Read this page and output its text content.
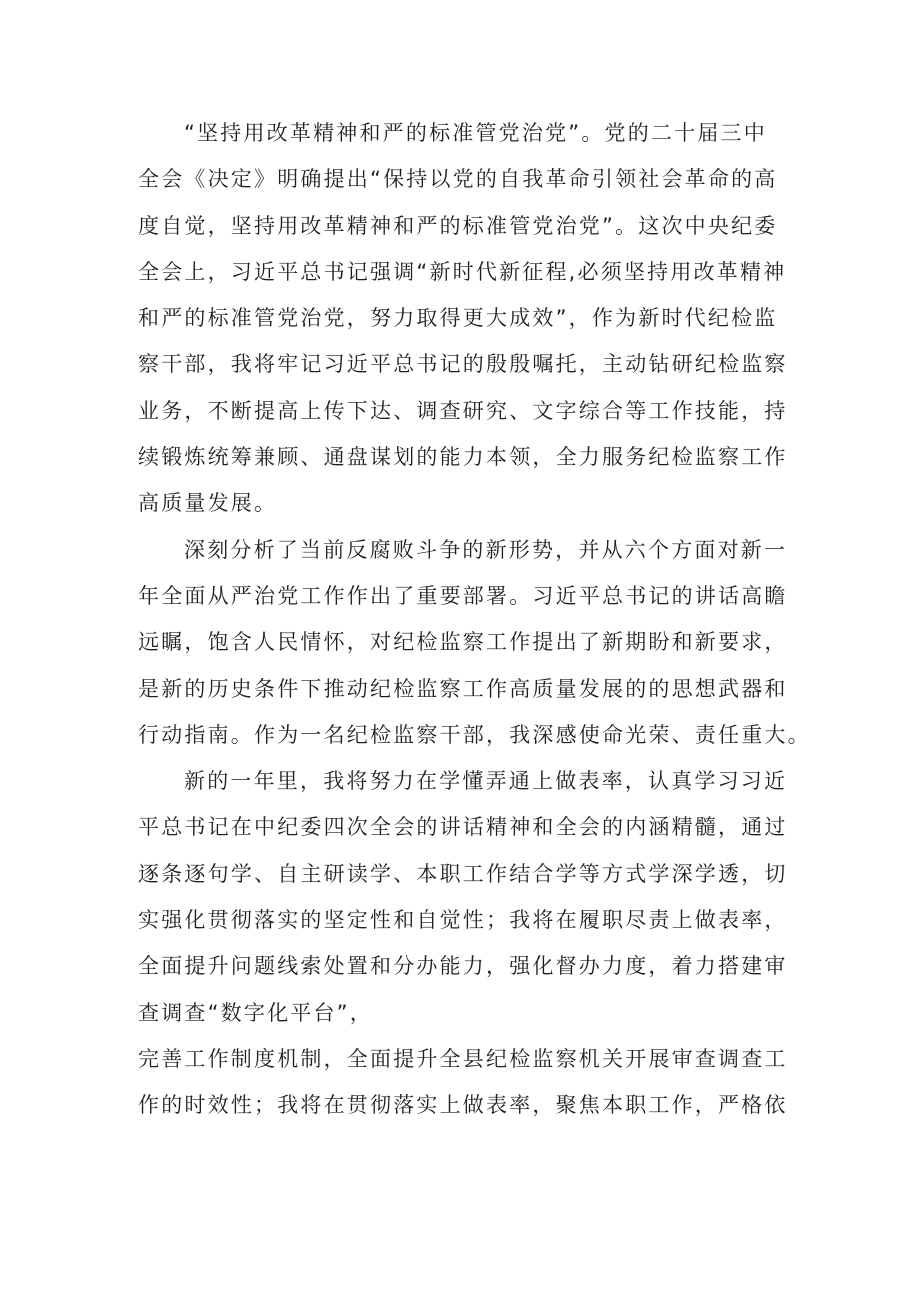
“坚持用改革精神和严的标准管党治党”。党的二十届三中
全会《决定》明确提出“保持以党的自我革命引领社会革命的高
度自觉，坚持用改革精神和严的标准管党治党”。这次中央纪委
全会上，习近平总书记强调“新时代新征程,必须坚持用改革精神
和严的标准管党治党，努力取得更大成效”，作为新时代纪检监
察干部，我将牢记习近平总书记的殷殷嘱托，主动钻研纪检监察
业务，不断提高上传下达、调查研究、文字综合等工作技能，持
续锻炼统筹兼顾、通盘谋划的能力本领，全力服务纪检监察工作
高质量发展。
深刻分析了当前反腐败斗争的新形势，并从六个方面对新一
年全面从严治党工作作出了重要部署。习近平总书记的讲话高瞻
远瞩，饱含人民情怀，对纪检监察工作提出了新期盼和新要求，
是新的历史条件下推动纪检监察工作高质量发展的的思想武器和
行动指南。作为一名纪检监察干部，我深感使命光荣、责任重大。
新的一年里，我将努力在学懂弄通上做表率，认真学习习近
平总书记在中纪委四次全会的讲话精神和全会的内涵精髓，通过
逐条逐句学、自主研读学、本职工作结合学等方式学深学透，切
实强化贯彻落实的坚定性和自觉性；我将在履职尽责上做表率，
全面提升问题线索处置和分办能力，强化督办力度，着力搭建审
查调查“数字化平台”，
完善工作制度机制，全面提升全县纪检监察机关开展审查调查工
作的时效性；我将在贯彻落实上做表率，聚焦本职工作，严格依
